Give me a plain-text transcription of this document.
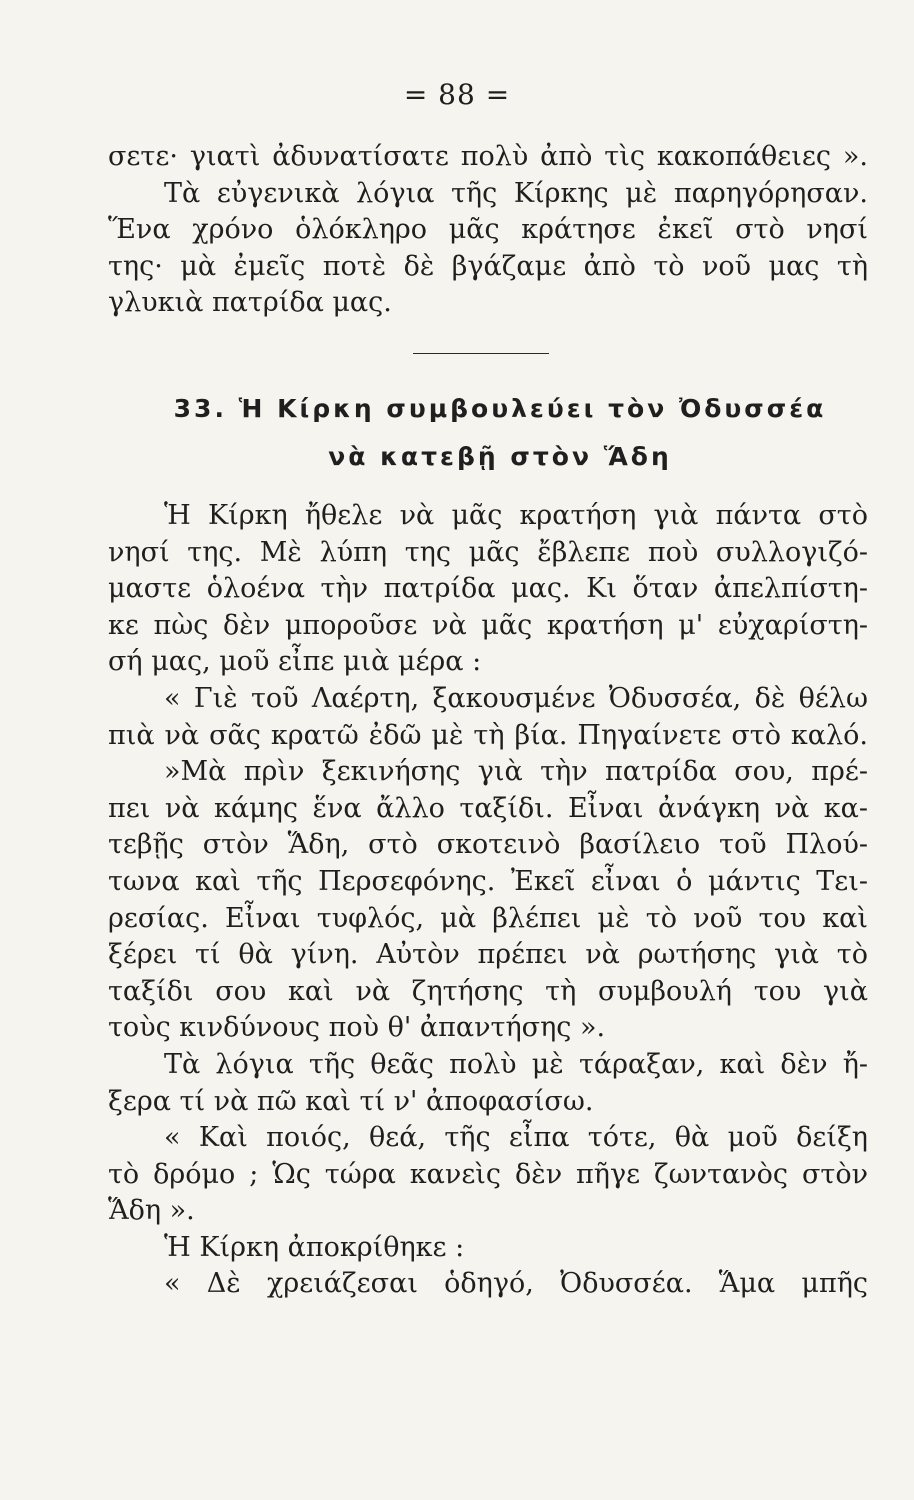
= 88 =
σετε· γιατὶ ἀδυνατίσατε πολὺ ἀπὸ τὶς κακοπάθειες ».
Τὰ εὐγενικὰ λόγια τῆς Κίρκης μὲ παρηγόρησαν.
Ἕνα χρόνο ὁλόκληρο μᾶς κράτησε ἐκεῖ στὸ νησί
της· μὰ ἐμεῖς ποτὲ δὲ βγάζαμε ἀπὸ τὸ νοῦ μας τὴ
γλυκιὰ πατρίδα μας.
33. Ἡ Κίρκη συμβουλεύει τὸν Ὀδυσσέα
νὰ κατεβῇ στὸν Ἅδη
Ἡ Κίρκη ἤθελε νὰ μᾶς κρατήση γιὰ πάντα στὸ
νησί της. Μὲ λύπη της μᾶς ἔβλεπε ποὺ συλλογιζό-
μαστε ὁλοένα τὴν πατρίδα μας. Κι ὅταν ἀπελπίστη-
κε πὼς δὲν μποροῦσε νὰ μᾶς κρατήση μ' εὐχαρίστη-
σή μας, μοῦ εἶπε μιὰ μέρα :
« Γιὲ τοῦ Λαέρτη, ξακουσμένε Ὀδυσσέα, δὲ θέλω
πιὰ νὰ σᾶς κρατῶ ἐδῶ μὲ τὴ βία. Πηγαίνετε στὸ καλό.
»Μὰ πρὶν ξεκινήσης γιὰ τὴν πατρίδα σου, πρέ-
πει νὰ κάμης ἕνα ἄλλο ταξίδι. Εἶναι ἀνάγκη νὰ κα-
τεβῇς στὸν Ἅδη, στὸ σκοτεινὸ βασίλειο τοῦ Πλού-
τωνα καὶ τῆς Περσεφόνης. Ἐκεῖ εἶναι ὁ μάντις Τει-
ρεσίας. Εἶναι τυφλός, μὰ βλέπει μὲ τὸ νοῦ του καὶ
ξέρει τί θὰ γίνη. Αὐτὸν πρέπει νὰ ρωτήσης γιὰ τὸ
ταξίδι σου καὶ νὰ ζητήσης τὴ συμβουλή του γιὰ
τοὺς κινδύνους ποὺ θ' ἀπαντήσης ».
Τὰ λόγια τῆς θεᾶς πολὺ μὲ τάραξαν, καὶ δὲν ἤ-
ξερα τί νὰ πῶ καὶ τί ν' ἀποφασίσω.
« Καὶ ποιός, θεά, τῆς εἶπα τότε, θὰ μοῦ δείξη
τὸ δρόμο ; Ὡς τώρα κανεὶς δὲν πῆγε ζωντανὸς στὸν
Ἅδη ».
Ἡ Κίρκη ἀποκρίθηκε :
« Δὲ χρειάζεσαι ὁδηγό, Ὀδυσσέα. Ἅμα μπῆς
